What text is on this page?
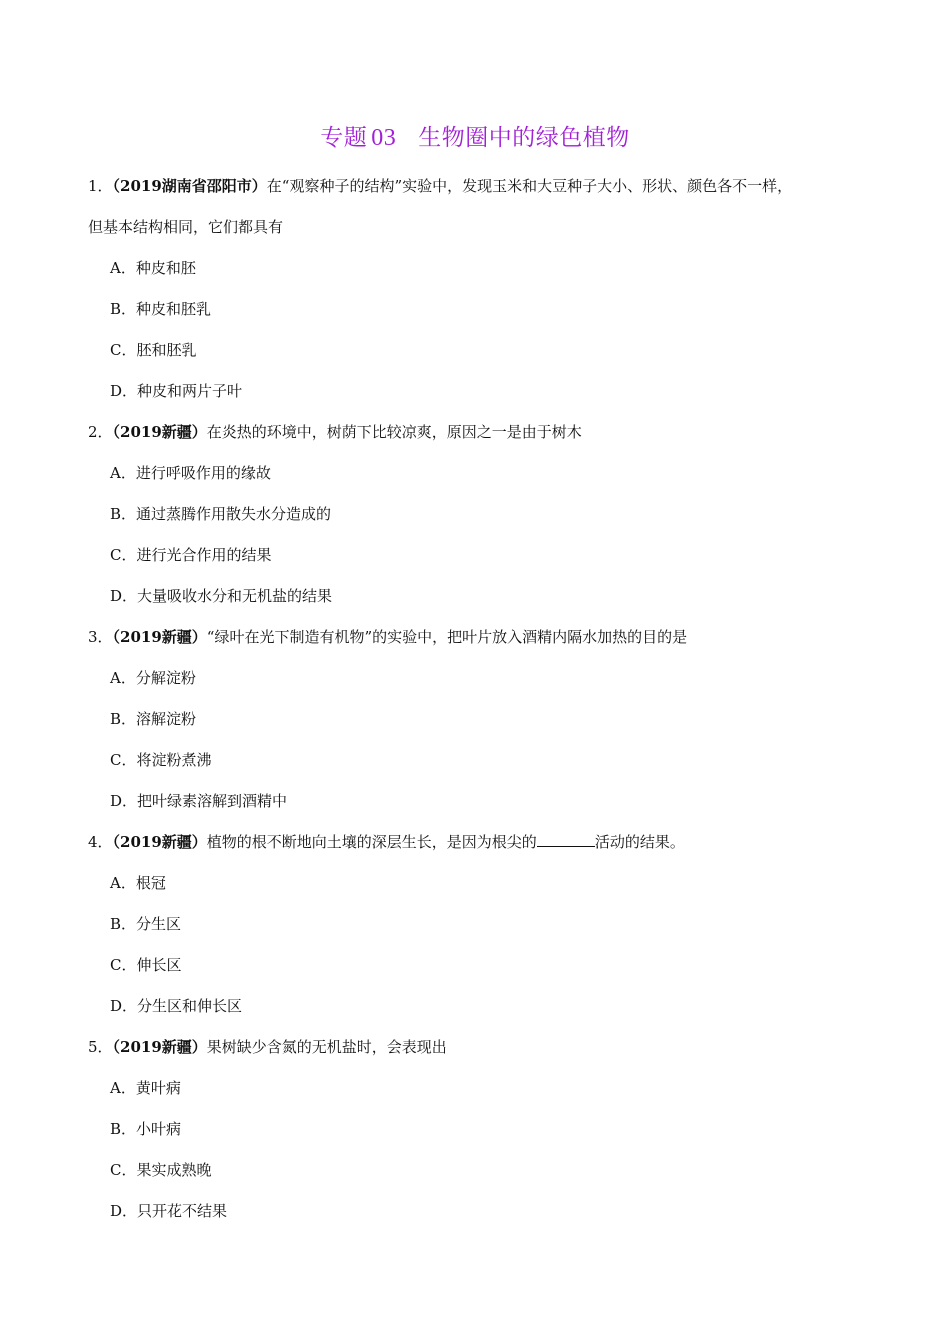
专题 03 生物圈中的绿色植物
1．（2019湖南省邵阳市）在“观察种子的结构”实验中，发现玉米和大豆种子大小、形状、颜色各不一样，
但基本结构相同，它们都具有
A．种皮和胚
B．种皮和胚乳
C．胚和胚乳
D．种皮和两片子叶
2．（2019新疆）在炎热的环境中，树荫下比较凉爽，原因之一是由于树木
A．进行呼吸作用的缘故
B．通过蒸腾作用散失水分造成的
C．进行光合作用的结果
D．大量吸收水分和无机盐的结果
3．（2019新疆）“绿叶在光下制造有机物”的实验中，把叶片放入酒精内隔水加热的目的是
A．分解淀粉
B．溶解淀粉
C．将淀粉煮沸
D．把叶绿素溶解到酒精中
4．（2019新疆）植物的根不断地向土壤的深层生长，是因为根尖的	活动的结果。
A．根冠
B．分生区
C．伸长区
D．分生区和伸长区
5．（2019新疆）果树缺少含氮的无机盐时，会表现出
A．黄叶病
B．小叶病
C．果实成熟晚
D．只开花不结果
